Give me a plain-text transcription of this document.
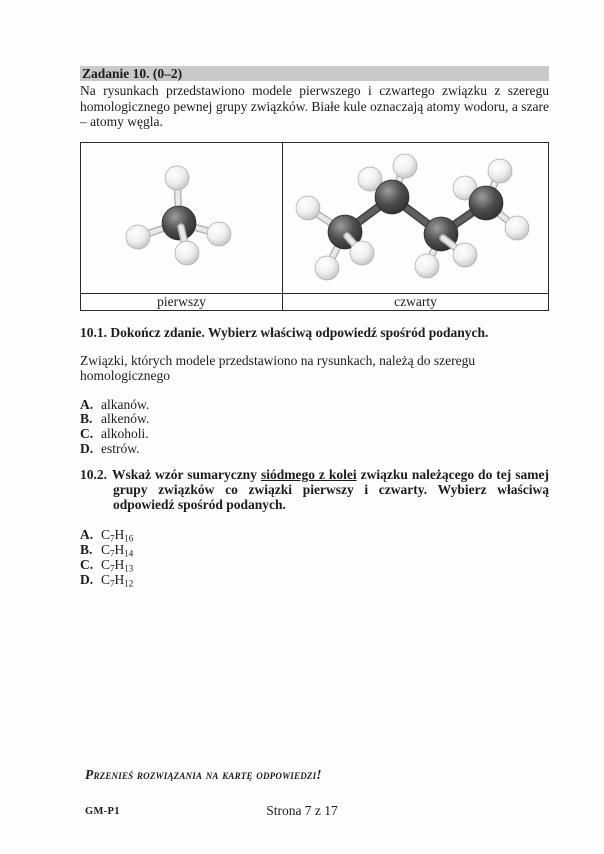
Zadanie 10. (0–2)

Na rysunkach przedstawiono modele pierwszego i czwartego związku z szeregu homologicznego pewnej grupy związków. Białe kule oznaczają atomy wodoru, a szare – atomy węgla.

pierwszy	czwarty

10.1. Dokończ zdanie. Wybierz właściwą odpowiedź spośród podanych.

Związki, których modele przedstawiono na rysunkach, należą do szeregu homologicznego

A. alkanów.
B. alkenów.
C. alkoholi.
D. estrów.
10.2. Wskaż wzór sumaryczny siódmego z kolei związku należącego do tej samej grupy związków co związki pierwszy i czwarty. Wybierz właściwą odpowiedź spośród podanych.
A. $C_7H_{16}$
B. $C_7H_{14}$
C. $C_7H_{13}$
D. $C_7H_{12}$

Przenieś rozwiązania na kartę odpowiedzi!

GM-P1	Strona 7 z 17
